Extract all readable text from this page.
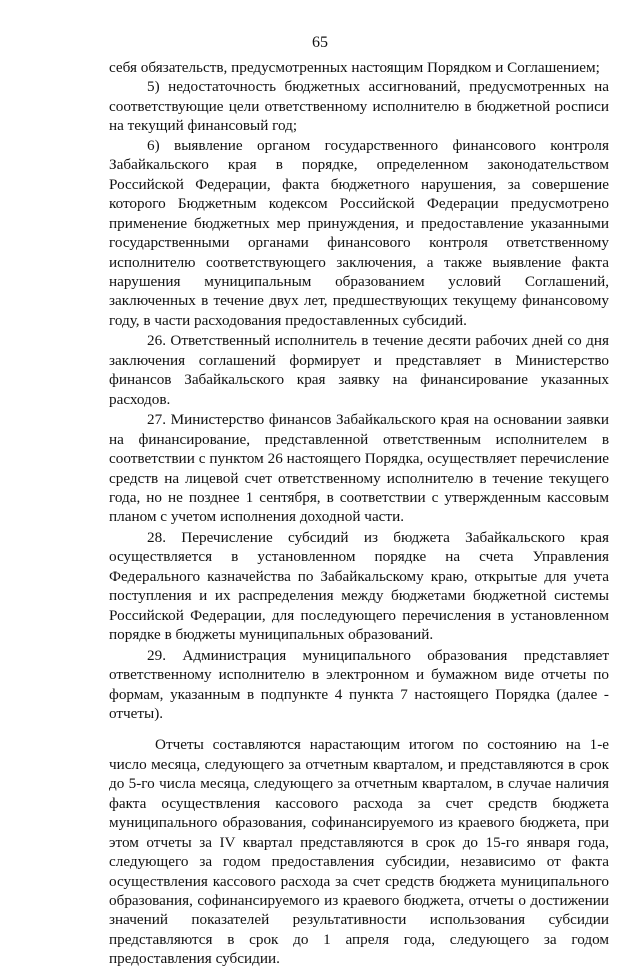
65

себя обязательств, предусмотренных настоящим Порядком и Соглашением;

5) недостаточность бюджетных ассигнований, предусмотренных на соответствующие цели ответственному исполнителю в бюджетной росписи на текущий финансовый год;

6) выявление органом государственного финансового контроля Забайкальского края в порядке, определенном законодательством Российской Федерации, факта бюджетного нарушения, за совершение которого Бюджетным кодексом Российской Федерации предусмотрено применение бюджетных мер принуждения, и предоставление указанными государственными органами финансового контроля ответственному исполнителю соответствующего заключения, а также выявление факта нарушения муниципальным образованием условий Соглашений, заключенных в течение двух лет, предшествующих текущему финансовому году, в части расходования предоставленных субсидий.

26. Ответственный исполнитель в течение десяти рабочих дней со дня заключения соглашений формирует и представляет в Министерство финансов Забайкальского края заявку на финансирование указанных расходов.

27. Министерство финансов Забайкальского края на основании заявки на финансирование, представленной ответственным исполнителем в соответствии с пунктом 26 настоящего Порядка, осуществляет перечисление средств на лицевой счет ответственному исполнителю в течение текущего года, но не позднее 1 сентября, в соответствии с утвержденным кассовым планом с учетом исполнения доходной части.

28. Перечисление субсидий из бюджета Забайкальского края осуществляется в установленном порядке на счета Управления Федерального казначейства по Забайкальскому краю, открытые для учета поступления и их распределения между бюджетами бюджетной системы Российской Федерации, для последующего перечисления в установленном порядке в бюджеты муниципальных образований.

29. Администрация муниципального образования представляет ответственному исполнителю в электронном и бумажном виде отчеты по формам, указанным в подпункте 4 пункта 7 настоящего Порядка (далее - отчеты).

Отчеты составляются нарастающим итогом по состоянию на 1-е число месяца, следующего за отчетным кварталом, и представляются в срок до 5-го числа месяца, следующего за отчетным кварталом, в случае наличия факта осуществления кассового расхода за счет средств бюджета муниципального образования, софинансируемого из краевого бюджета, при этом отчеты за IV квартал представляются в срок до 15-го января года, следующего за годом предоставления субсидии, независимо от факта осуществления кассового расхода за счет средств бюджета муниципального образования, софинансируемого из краевого бюджета, отчеты о достижении значений показателей результативности использования субсидии представляются в срок до 1 апреля года, следующего за годом предоставления субсидии.
